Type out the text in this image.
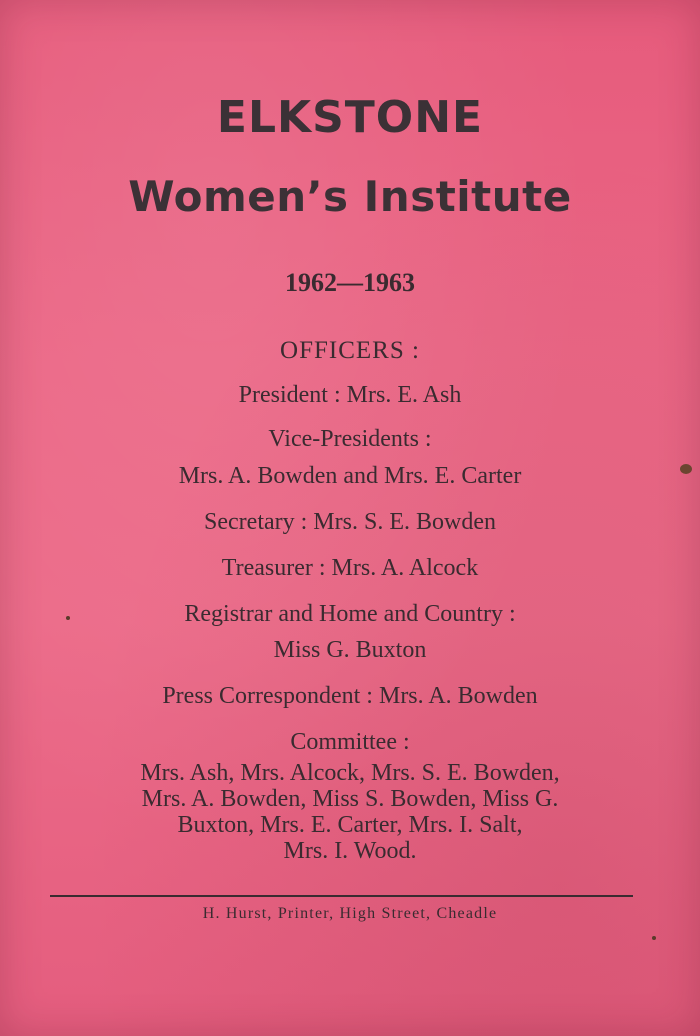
ELKSTONE
Women’s Institute
1962—1963
OFFICERS :
President : Mrs. E. Ash
Vice-Presidents :
Mrs. A. Bowden and Mrs. E. Carter
Secretary : Mrs. S. E. Bowden
Treasurer : Mrs. A. Alcock
Registrar and Home and Country :
Miss G. Buxton
Press Correspondent : Mrs. A. Bowden
Committee :
Mrs. Ash, Mrs. Alcock, Mrs. S. E. Bowden,
Mrs. A. Bowden, Miss S. Bowden, Miss G.
Buxton, Mrs. E. Carter, Mrs. I. Salt,
Mrs. I. Wood.
H. Hurst, Printer, High Street, Cheadle
